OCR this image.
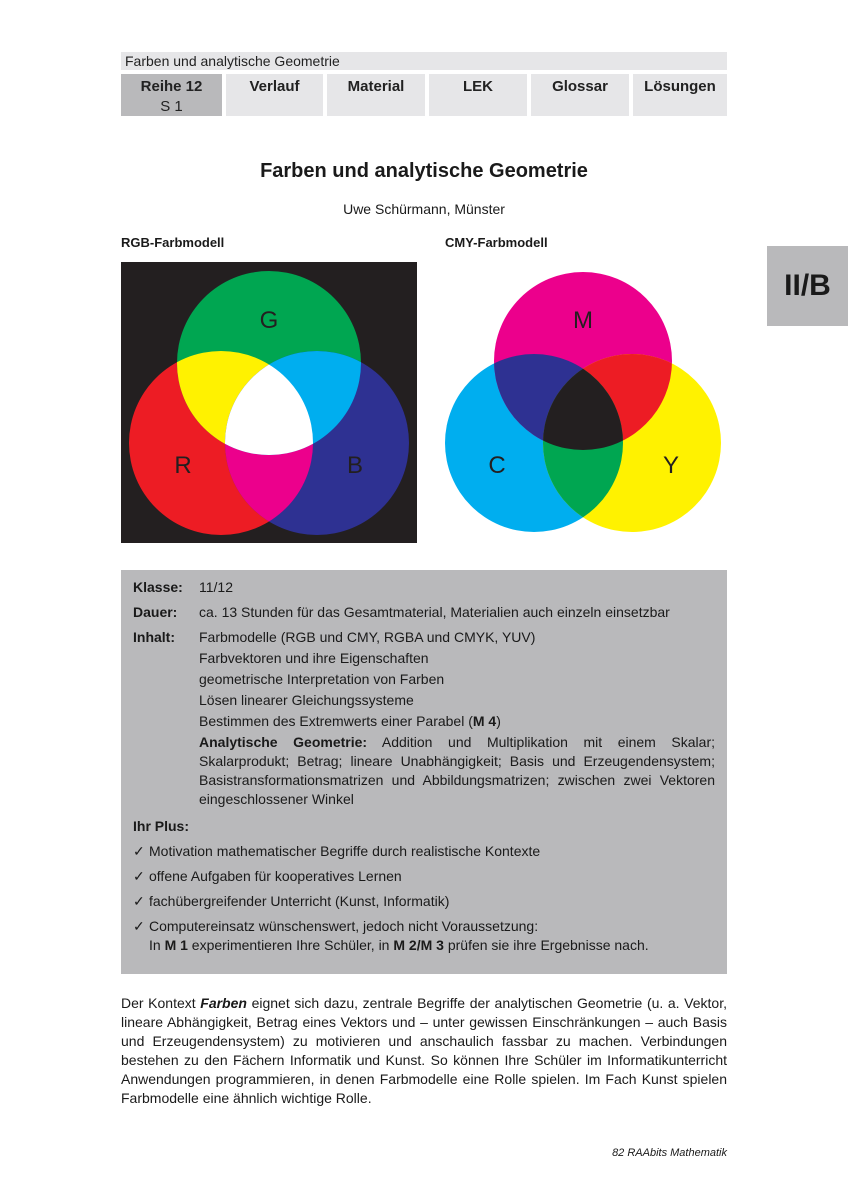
Farben und analytische Geometrie
Reihe 12
S 1
Verlauf	Material	LEK	Glossar	Lösungen
II/B
Farben und analytische Geometrie
Uwe Schürmann, Münster
RGB-Farbmodell	CMY-Farbmodell
G
R	B
M
C	Y
Klasse:	11/12
Dauer:	ca. 13 Stunden für das Gesamtmaterial, Materialien auch einzeln einsetzbar
Inhalt:	Farbmodelle (RGB und CMY, RGBA und CMYK, YUV)

Farbvektoren und ihre Eigenschaften

geometrische Interpretation von Farben

Lösen linearer Gleichungssysteme

Bestimmen des Extremwerts einer Parabel (M 4)

Analytische Geometrie: Addition und Multiplikation mit einem Skalar; Skalarprodukt; Betrag; lineare Unabhängigkeit; Basis und Erzeugendensystem; Basistransformationsmatrizen und Abbildungsmatrizen; zwischen zwei Vektoren eingeschlossener Winkel

Ihr Plus:
✓ Motivation mathematischer Begriffe durch realistische Kontexte
✓ offene Aufgaben für kooperatives Lernen
✓ fachübergreifender Unterricht (Kunst, Informatik)
✓ Computereinsatz wünschenswert, jedoch nicht Voraussetzung:
In M 1 experimentieren Ihre Schüler, in M 2/M 3 prüfen sie ihre Ergebnisse nach.

Der Kontext Farben eignet sich dazu, zentrale Begriffe der analytischen Geometrie (u. a. Vektor, lineare Abhängigkeit, Betrag eines Vektors und – unter gewissen Einschränkungen – auch Basis und Erzeugendensystem) zu motivieren und anschaulich fassbar zu machen. Verbindungen bestehen zu den Fächern Informatik und Kunst. So können Ihre Schüler im Informatikunterricht Anwendungen programmieren, in denen Farbmodelle eine Rolle spielen. Im Fach Kunst spielen Farbmodelle eine ähnlich wichtige Rolle.

82 RAAbits Mathematik
